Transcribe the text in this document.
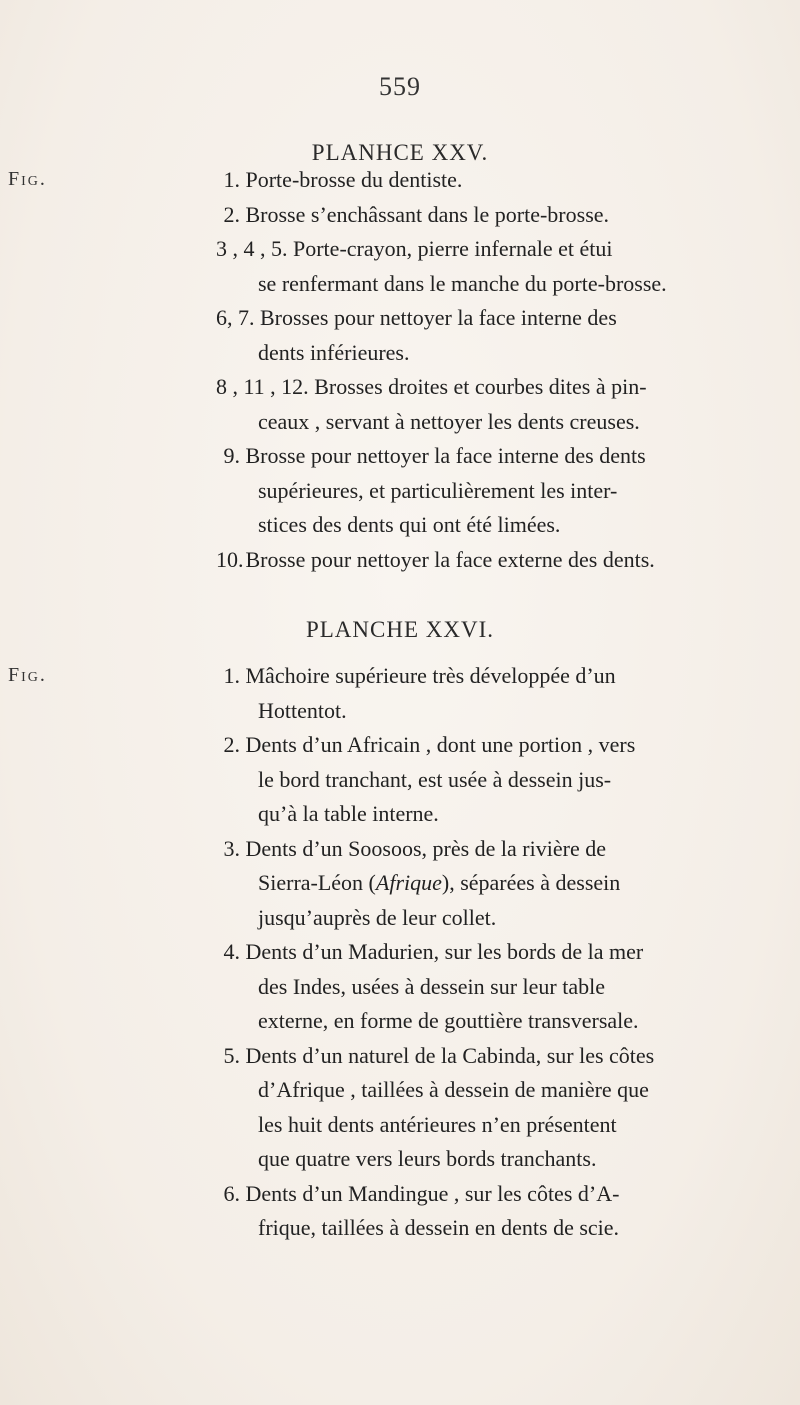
559
PLANHCE XXV.
Fig.	1. Porte-brosse du dentiste.
2. Brosse s’enchâssant dans le porte-brosse.
3 , 4 , 5. Porte-crayon, pierre infernale et étui
se renfermant dans le manche du porte-brosse.
6, 7. Brosses pour nettoyer la face interne des
dents inférieures.
8 , 11 , 12. Brosses droites et courbes dites à pin-
ceaux , servant à nettoyer les dents creuses.
9. Brosse pour nettoyer la face interne des dents
supérieures, et particulièrement les inter-
stices des dents qui ont été limées.
10. Brosse pour nettoyer la face externe des dents.
PLANCHE XXVI.
Fig.	1. Mâchoire supérieure très développée d’un
Hottentot.
2. Dents d’un Africain , dont une portion , vers
le bord tranchant, est usée à dessein jus-
qu’à la table interne.
3. Dents d’un Soosoos, près de la rivière de
Sierra-Léon (Afrique), séparées à dessein
jusqu’auprès de leur collet.
4. Dents d’un Madurien, sur les bords de la mer
des Indes, usées à dessein sur leur table
externe, en forme de gouttière transversale.
5. Dents d’un naturel de la Cabinda, sur les côtes
d’Afrique , taillées à dessein de manière que
les huit dents antérieures n’en présentent
que quatre vers leurs bords tranchants.
6. Dents d’un Mandingue , sur les côtes d’A-
frique, taillées à dessein en dents de scie.
